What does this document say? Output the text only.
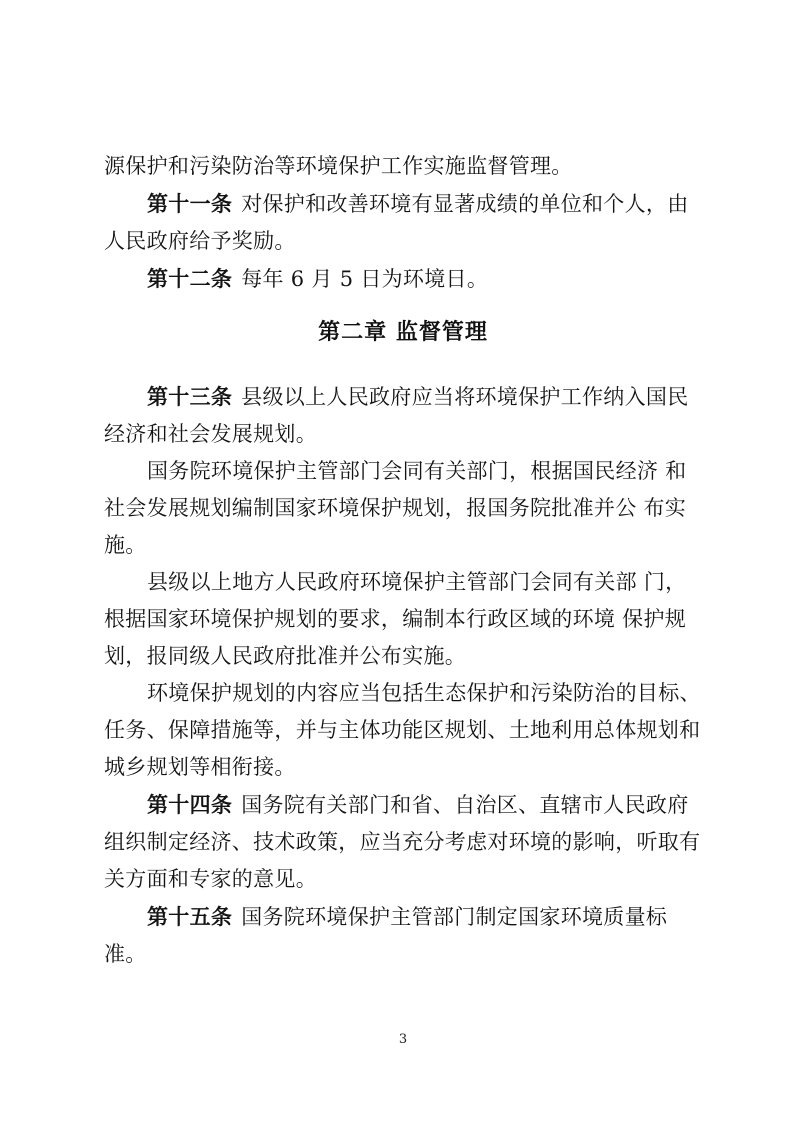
源保护和污染防治等环境保护工作实施监督管理。
第十一条 对保护和改善环境有显著成绩的单位和个人，由
人民政府给予奖励。
第十二条 每年 6 月 5 日为环境日。
第二章 监督管理
第十三条 县级以上人民政府应当将环境保护工作纳入国民
经济和社会发展规划。
国务院环境保护主管部门会同有关部门，根据国民经济 和
社会发展规划编制国家环境保护规划，报国务院批准并公 布实
施。
县级以上地方人民政府环境保护主管部门会同有关部 门，
根据国家环境保护规划的要求，编制本行政区域的环境 保护规
划，报同级人民政府批准并公布实施。
环境保护规划的内容应当包括生态保护和污染防治的目标、
任务、保障措施等，并与主体功能区规划、土地利用总体规划和
城乡规划等相衔接。
第十四条 国务院有关部门和省、自治区、直辖市人民政府
组织制定经济、技术政策，应当充分考虑对环境的影响，听取有
关方面和专家的意见。
第十五条 国务院环境保护主管部门制定国家环境质量标
准。
3
